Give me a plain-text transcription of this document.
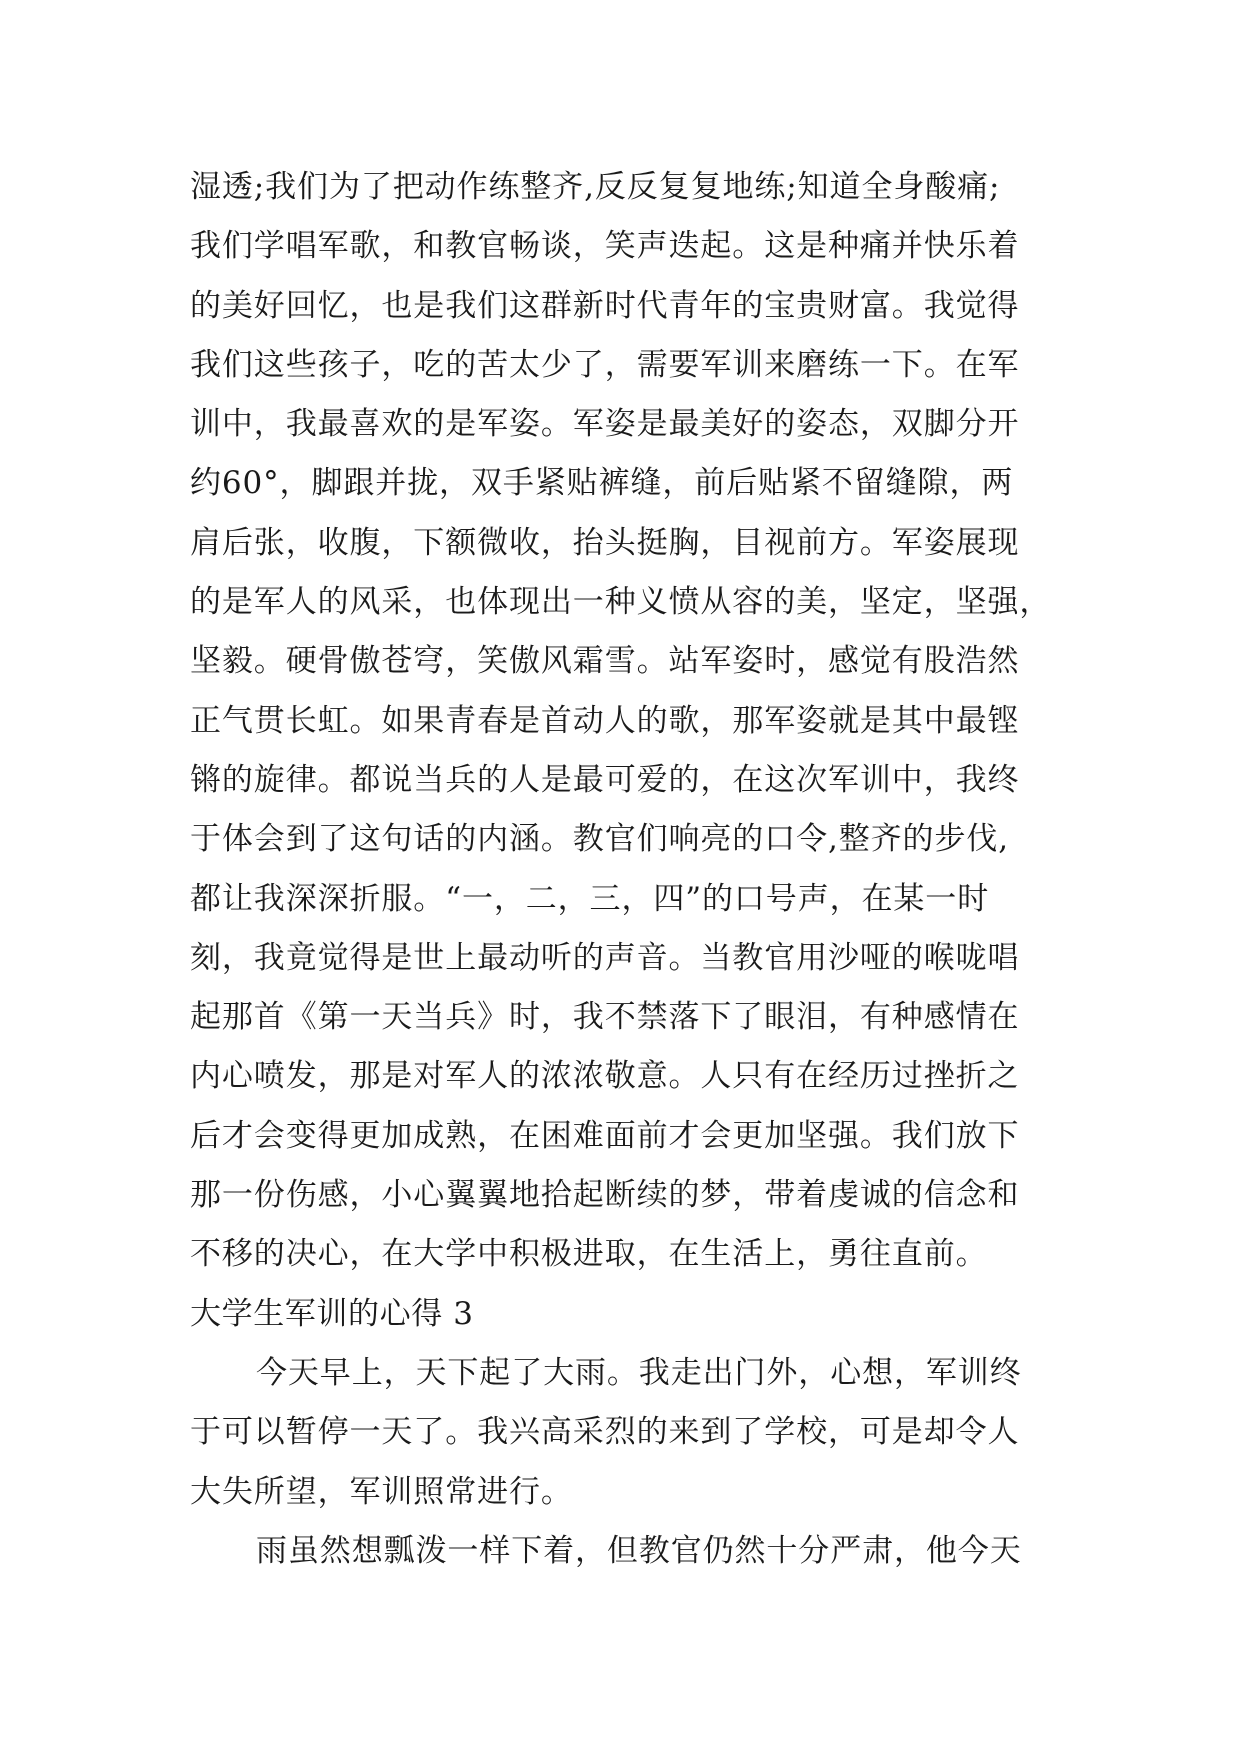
湿透;我们为了把动作练整齐,反反复复地练;知道全身酸痛;
我们学唱军歌，和教官畅谈，笑声迭起。这是种痛并快乐着
的美好回忆，也是我们这群新时代青年的宝贵财富。我觉得
我们这些孩子，吃的苦太少了，需要军训来磨练一下。在军
训中，我最喜欢的是军姿。军姿是最美好的姿态，双脚分开
约60°，脚跟并拢，双手紧贴裤缝，前后贴紧不留缝隙，两
肩后张，收腹，下额微收，抬头挺胸，目视前方。军姿展现
的是军人的风采，也体现出一种义愤从容的美，坚定，坚强，
坚毅。硬骨傲苍穹，笑傲风霜雪。站军姿时，感觉有股浩然
正气贯长虹。如果青春是首动人的歌，那军姿就是其中最铿
锵的旋律。都说当兵的人是最可爱的，在这次军训中，我终
于体会到了这句话的内涵。教官们响亮的口令,整齐的步伐,
都让我深深折服。“一，二，三，四”的口号声，在某一时
刻，我竟觉得是世上最动听的声音。当教官用沙哑的喉咙唱
起那首《第一天当兵》时，我不禁落下了眼泪，有种感情在
内心喷发，那是对军人的浓浓敬意。人只有在经历过挫折之
后才会变得更加成熟，在困难面前才会更加坚强。我们放下
那一份伤感，小心翼翼地拾起断续的梦，带着虔诚的信念和
不移的决心，在大学中积极进取，在生活上，勇往直前。
大学生军训的心得 3
今天早上，天下起了大雨。我走出门外，心想，军训终
于可以暂停一天了。我兴高采烈的来到了学校，可是却令人
大失所望，军训照常进行。
雨虽然想瓢泼一样下着，但教官仍然十分严肃，他今天
